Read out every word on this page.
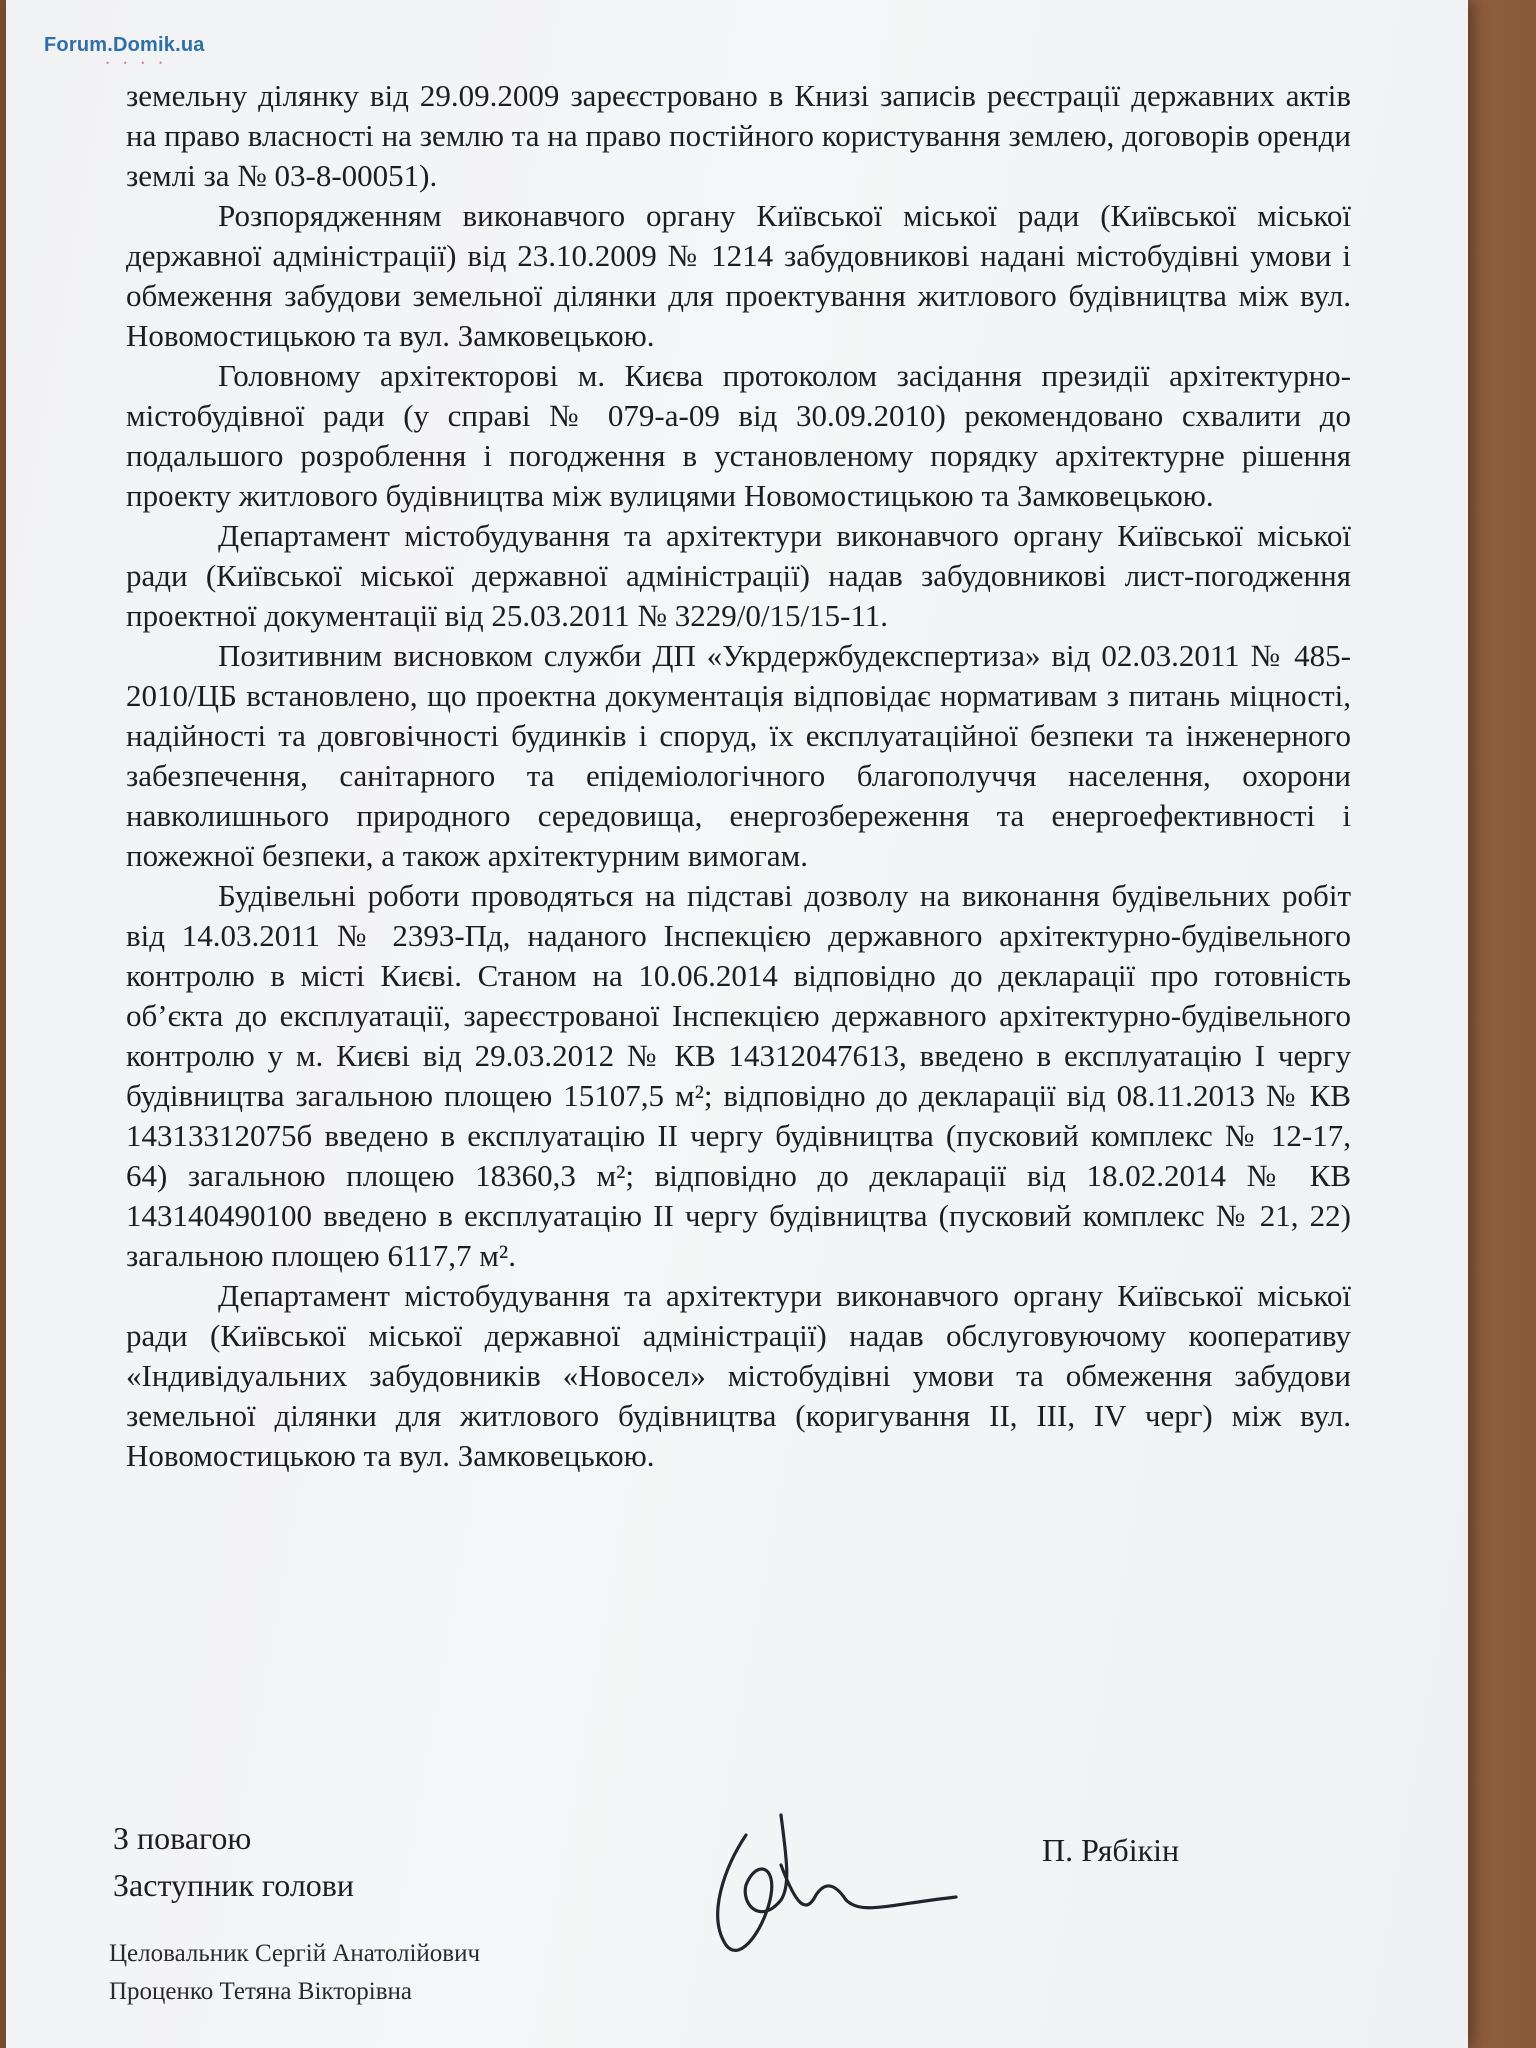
Forum.Domik.ua
• • • •

земельну ділянку від 29.09.2009 зареєстровано в Книзі записів реєстрації державних актів на право власності на землю та на право постійного користування землею, договорів оренди землі за № 03-8-00051).

Розпорядженням виконавчого органу Київської міської ради (Київської міської державної адміністрації) від 23.10.2009 № 1214 забудовникові надані містобудівні умови і обмеження забудови земельної ділянки для проектування житлового будівництва між вул. Новомостицькою та вул. Замковецькою.

Головному архітекторові м. Києва протоколом засідання президії архітектурно-містобудівної ради (у справі № 079-а-09 від 30.09.2010) рекомендовано схвалити до подальшого розроблення і погодження в установленому порядку архітектурне рішення проекту житлового будівництва між вулицями Новомостицькою та Замковецькою.

Департамент містобудування та архітектури виконавчого органу Київської міської ради (Київської міської державної адміністрації) надав забудовникові лист-погодження проектної документації від 25.03.2011 № 3229/0/15/15-11.

Позитивним висновком служби ДП «Укрдержбудекспертиза» від 02.03.2011 № 485-2010/ЦБ встановлено, що проектна документація відповідає нормативам з питань міцності, надійності та довговічності будинків і споруд, їх експлуатаційної безпеки та інженерного забезпечення, санітарного та епідеміологічного благополуччя населення, охорони навколишнього природного середовища, енергозбереження та енергоефективності і пожежної безпеки, а також архітектурним вимогам.

Будівельні роботи проводяться на підставі дозволу на виконання будівельних робіт від 14.03.2011 № 2393-Пд, наданого Інспекцією державного архітектурно-будівельного контролю в місті Києві. Станом на 10.06.2014 відповідно до декларації про готовність об’єкта до експлуатації, зареєстрованої Інспекцією державного архітектурно-будівельного контролю у м. Києві від 29.03.2012 № КВ 14312047613, введено в експлуатацію І чергу будівництва загальною площею 15107,5 м²; відповідно до декларації від 08.11.2013 № КВ 14313312075б введено в експлуатацію ІІ чергу будівництва (пусковий комплекс № 12-17, 64) загальною площею 18360,3 м²; відповідно до декларації від 18.02.2014 № КВ 143140490100 введено в експлуатацію ІІ чергу будівництва (пусковий комплекс № 21, 22) загальною площею 6117,7 м².

Департамент містобудування та архітектури виконавчого органу Київської міської ради (Київської міської державної адміністрації) надав обслуговуючому кооперативу «Індивідуальних забудовників «Новосел» містобудівні умови та обмеження забудови земельної ділянки для житлового будівництва (коригування ІІ, ІІІ, IV черг) між вул. Новомостицькою та вул. Замковецькою.

З повагою
Заступник голови
П. Рябікін
Целовальник Сергій Анатолійович
Проценко Тетяна Вікторівна
